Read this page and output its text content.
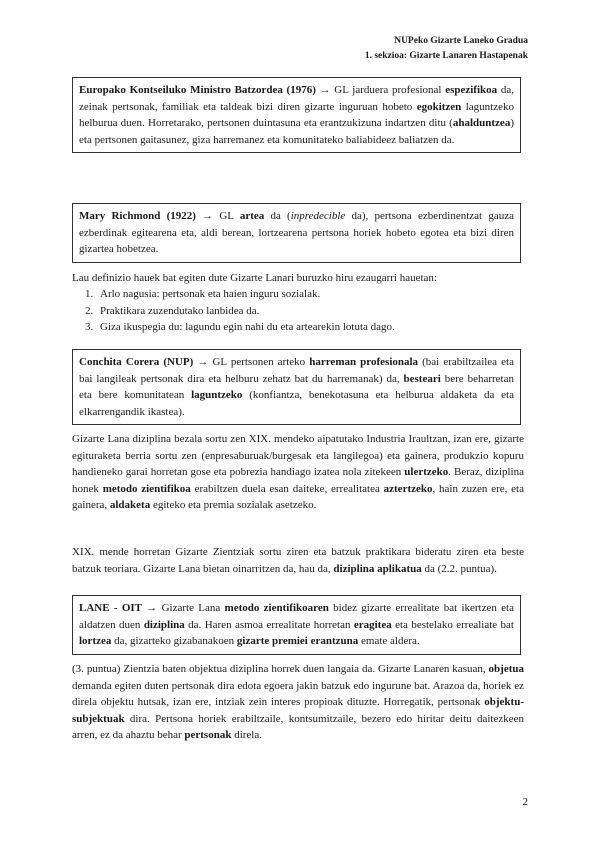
NUPeko Gizarte Laneko Gradua
1. sekzioa: Gizarte Lanaren Hastapenak
Europako Kontseiluko Ministro Batzordea (1976) → GL jarduera profesional espezifikoa da, zeinak pertsonak, familiak eta taldeak bizi diren gizarte inguruan hobeto egokitzen laguntzeko helburua duen. Horretarako, pertsonen duintasuna eta erantzukizuna indartzen ditu (ahalduntzea) eta pertsonen gaitasunez, giza harremanez eta komunitateko baliabideez baliatzen da.
Mary Richmond (1922) → GL artea da (inpredecible da), pertsona ezberdinentzat gauza ezberdinak egitearena eta, aldi berean, lortzearena pertsona horiek hobeto egotea eta bizi diren gizartea hobetzea.
Lau definizio hauek bat egiten dute Gizarte Lanari buruzko hiru ezaugarri hauetan:
1. Arlo nagusia: pertsonak eta haien inguru sozialak.
2. Praktikara zuzendutako lanbidea da.
3. Giza ikuspegia du: lagundu egin nahi du eta artearekin lotuta dago.
Conchita Corera (NUP) → GL pertsonen arteko harreman profesionala (bai erabiltzailea eta bai langileak pertsonak dira eta helburu zehatz bat du harremanak) da, besteari bere beharretan eta bere komunitatean laguntzeko (konfiantza, benekotasuna eta helburua aldaketa da eta elkarrengandik ikastea).
Gizarte Lana diziplina bezala sortu zen XIX. mendeko aipatutako Industria Iraultzan, izan ere, gizarte egituraketa berria sortu zen (enpresaburuak/burgesak eta langilegoa) eta gainera, produkzio kopuru handieneko garai horretan gose eta pobrezia handiago izatea nola zitekeen ulertzeko. Beraz, diziplina honek metodo zientifikoa erabiltzen duela esan daiteke, errealitatea aztertzeko, hain zuzen ere, eta gainera, aldaketa egiteko eta premia sozialak asetzeko.
XIX. mende horretan Gizarte Zientziak sortu ziren eta batzuk praktikara bideratu ziren eta beste batzuk teoriara. Gizarte Lana bietan oinarritzen da, hau da, diziplina aplikatua da (2.2. puntua).
LANE - OIT → Gizarte Lana metodo zientifikoaren bidez gizarte errealitate bat ikertzen eta aldatzen duen diziplina da. Haren asmoa errealitate horretan eragitea eta bestelako errealiate bat lortzea da, gizarteko gizabanakoen gizarte premiei erantzuna emate aldera.
(3. puntua) Zientzia baten objektua diziplina horrek duen langaia da. Gizarte Lanaren kasuan, objetua demanda egiten duten pertsonak dira edota egoera jakin batzuk edo ingurune bat. Arazoa da, horiek ez direla objektu hutsak, izan ere, intziak zein interes propioak dituzte. Horregatik, pertsonak objektu-subjektuak dira. Pertsona horiek erabiltzaile, kontsumitzaile, bezero edo hiritar deitu daitezkeen arren, ez da ahaztu behar pertsonak direla.
2
